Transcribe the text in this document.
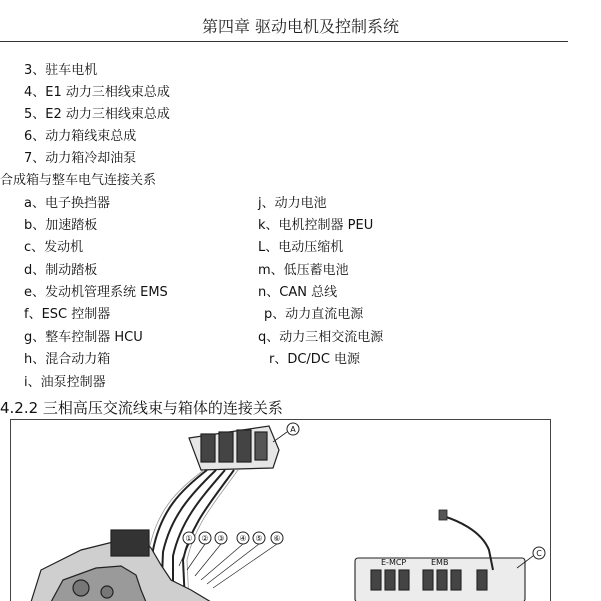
第四章 驱动电机及控制系统
3、驻车电机
4、E1 动力三相线束总成
5、E2 动力三相线束总成
6、动力箱线束总成
7、动力箱冷却油泵
合成箱与整车电气连接关系
a、电子换挡器
b、加速踏板
c、发动机
d、制动踏板
e、发动机管理系统 EMS
f、ESC 控制器
g、整车控制器 HCU
h、混合动力箱
i、油泵控制器
j、动力电池
k、电机控制器 PEU
L、电动压缩机
m、低压蓄电池
n、CAN 总线
p、动力直流电源
q、动力三相交流电源
r、DC/DC 电源
4.2.2 三相高压交流线束与箱体的连接关系
A
① ② ③ ④ ⑤ ⑥
E-MCP	EMB
C
